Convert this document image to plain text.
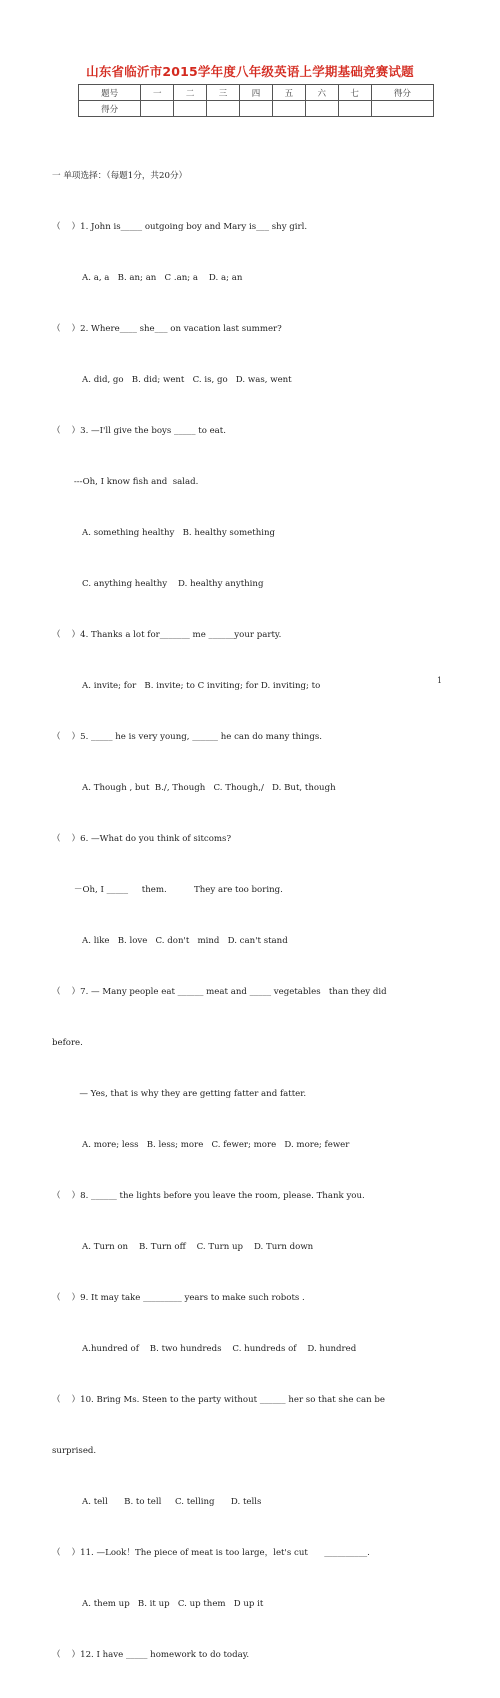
山东省临沂市2015学年度八年级英语上学期基础竞赛试题
题号	一	二	三	四	五	六	七	得分
得分								

一 单项选择：（每题1分，共20分）

（    ）1. John is_____ outgoing boy and Mary is___ shy girl.

A. a, a   B. an; an   C .an; a    D. a; an

（    ）2. Where____ she___ on vacation last summer?

A. did, go   B. did; went   C. is, go   D. was, went

（    ）3. —I'll give the boys _____ to eat.

---Oh, I know fish and  salad.

A. something healthy   B. healthy something

C. anything healthy    D. healthy anything

（    ）4. Thanks a lot for_______ me ______your party.

A. invite; for   B. invite; to C inviting; for D. inviting; to

（    ）5. _____ he is very young, ______ he can do many things.

A. Though , but  B./, Though   C. Though,/   D. But, though

（    ）6. —What do you think of sitcoms?

－Oh, I _____     them.          They are too boring.

A. like   B. love   C. don't   mind   D. can't stand

（    ）7. — Many people eat ______ meat and _____ vegetables   than they did

before.

— Yes, that is why they are getting fatter and fatter.

A. more; less   B. less; more   C. fewer; more   D. more; fewer

（    ）8. ______ the lights before you leave the room, please. Thank you.

A. Turn on    B. Turn off    C. Turn up    D. Turn down

（    ）9. It may take _________ years to make such robots .

A.hundred of    B. two hundreds    C. hundreds of    D. hundred

（    ）10. Bring Ms. Steen to the party without ______ her so that she can be

surprised.

A. tell      B. to tell     C. telling      D. tells

（    ）11. —Look！The piece of meat is too large，let's cut      __________.

A. them up   B. it up   C. up them   D up it

（    ）12. I have _____ homework to do today.

1
